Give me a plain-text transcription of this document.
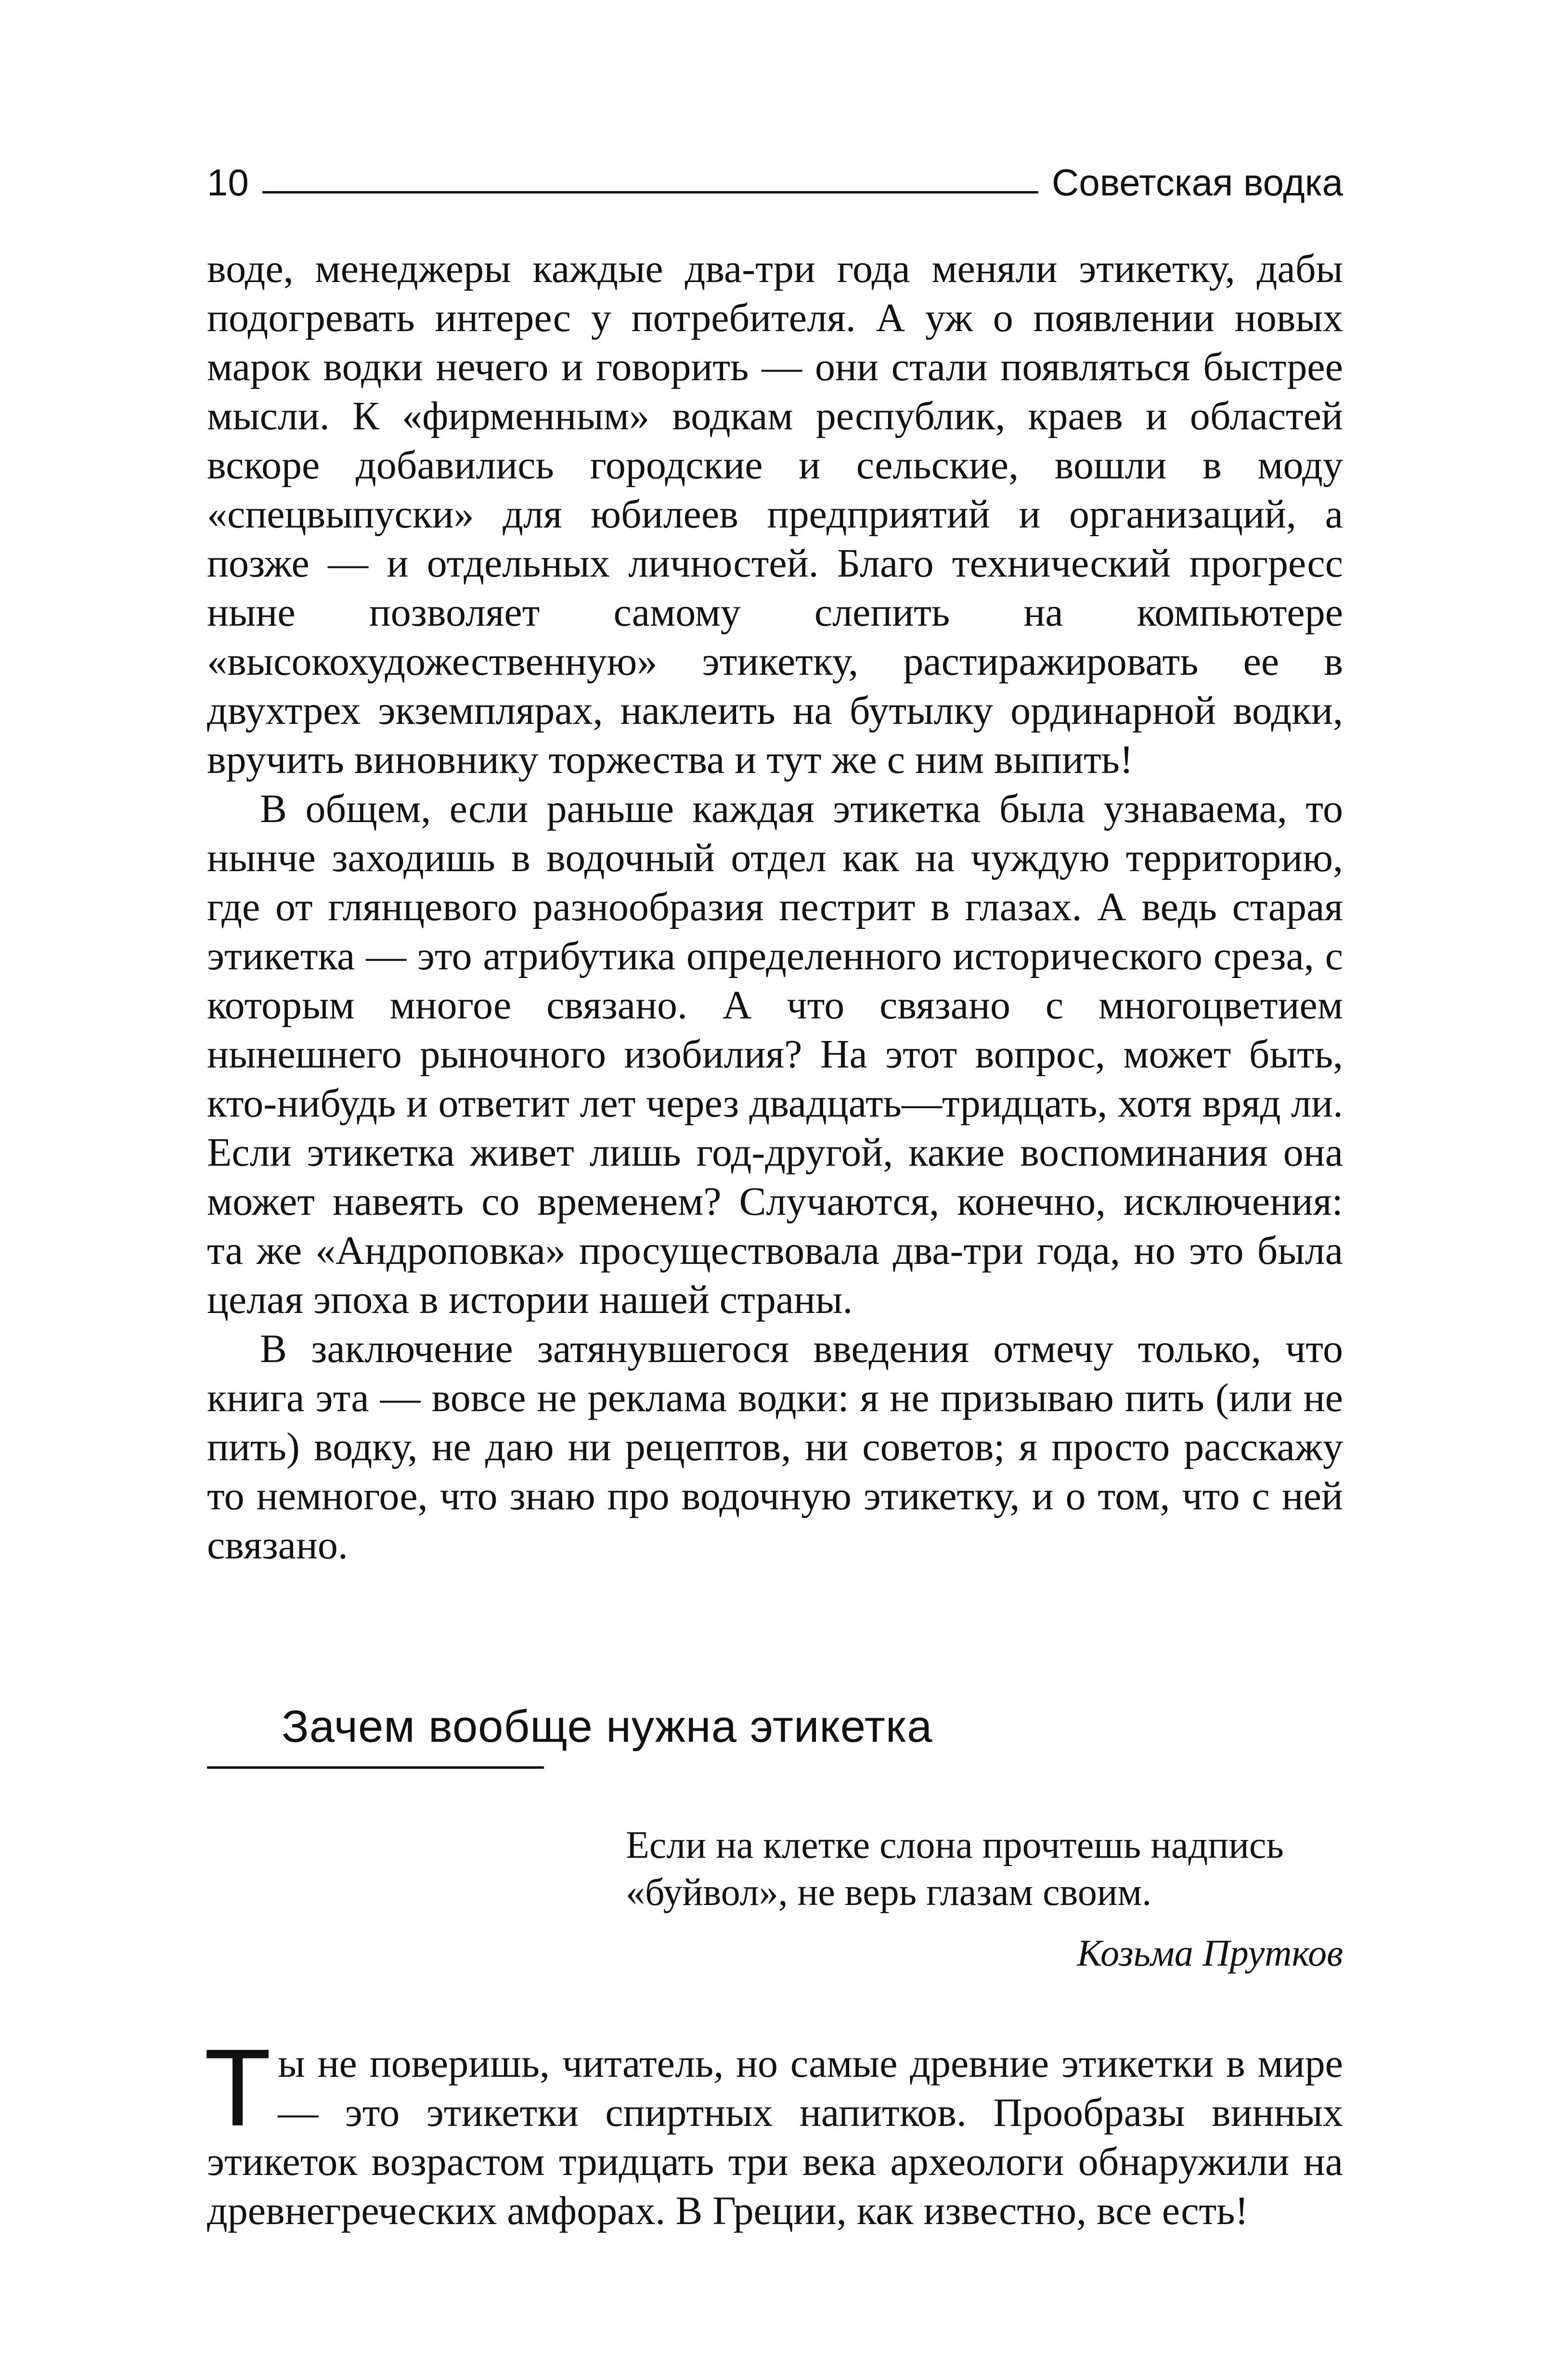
10	Советская водка

воде, менеджеры каждые два-три года меняли этикетку, дабы подогревать интерес у потребителя. А уж о появлении новых марок водки нечего и говорить — они стали появляться быстрее мысли. К «фирменным» водкам республик, краев и областей вскоре добавились городские и сельские, вошли в моду «спецвыпуски» для юбилеев предприятий и организаций, а позже — и отдельных личностей. Благо технический прогресс ныне позволяет самому слепить на компьютере «высокохудожественную» этикетку, растиражировать ее в двухтрех экземплярах, наклеить на бутылку ординарной водки, вручить виновнику торжества и тут же с ним выпить!

В общем, если раньше каждая этикетка была узнаваема, то нынче заходишь в водочный отдел как на чуждую территорию, где от глянцевого разнообразия пестрит в глазах. А ведь старая этикетка — это атрибутика определенного исторического среза, с которым многое связано. А что связано с многоцветием нынешнего рыночного изобилия? На этот вопрос, может быть, кто-нибудь и ответит лет через двадцать—тридцать, хотя вряд ли. Если этикетка живет лишь год-другой, какие воспоминания она может навеять со временем? Случаются, конечно, исключения: та же «Андроповка» просуществовала два-три года, но это была целая эпоха в истории нашей страны.

В заключение затянувшегося введения отмечу только, что книга эта — вовсе не реклама водки: я не призываю пить (или не пить) водку, не даю ни рецептов, ни советов; я просто расскажу то немногое, что знаю про водочную этикетку, и о том, что с ней связано.

Зачем вообще нужна этикетка
Если на клетке слона прочтешь надпись «буйвол», не верь глазам своим.
Козьма Прутков
Ты не поверишь, читатель, но самые древние этикетки в мире — это этикетки спиртных напитков. Прообразы винных этикеток возрастом тридцать три века археологи обнаружили на древнегреческих амфорах. В Греции, как известно, все есть!
